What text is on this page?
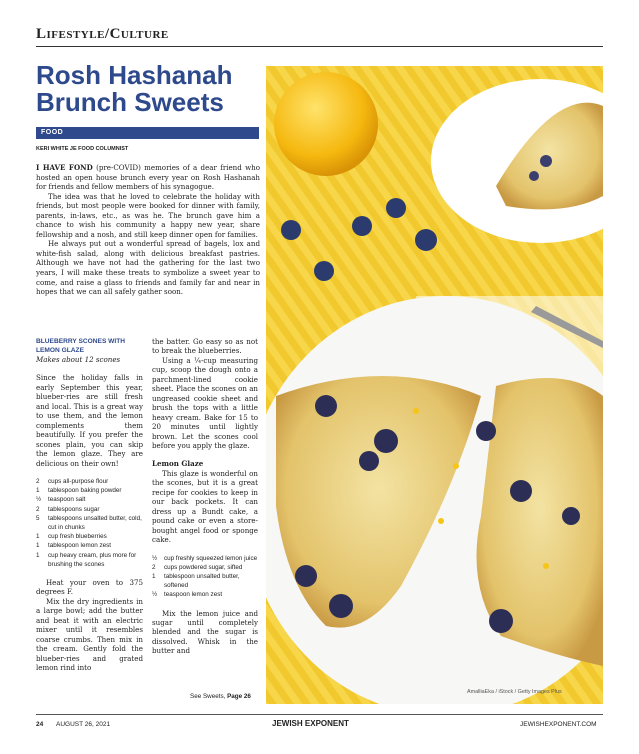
Lifestyle/Culture
Rosh Hashanah Brunch Sweets
FOOD
KERI WHITE JE FOOD COLUMNIST

I HAVE FOND (pre-COVID) memories of a dear friend who hosted an open house brunch every year on Rosh Hashanah for friends and fellow members of his synagogue.

The idea was that he loved to celebrate the holiday with friends, but most people were booked for dinner with family, parents, in-laws, etc., as was he. The brunch gave him a chance to wish his community a happy new year, share fellowship and a nosh, and still keep dinner open for families.

He always put out a wonderful spread of bagels, lox and white-fish salad, along with delicious breakfast pastries. Although we have not had the gathering for the last two years, I will make these treats to symbolize a sweet year to come, and raise a glass to friends and family far and near in hopes that we can all safely gather soon.

BLUEBERRY SCONES WITH LEMON GLAZE
Makes about 12 scones

Since the holiday falls in early September this year, blueber-ries are still fresh and local. This is a great way to use them, and the lemon complements them beautifully. If you prefer the scones plain, you can skip the lemon glaze. They are delicious on their own!

2	cups all-purpose flour
1	tablespoon baking powder
½	teaspoon salt
2	tablespoons sugar
5	tablespoons unsalted butter, cold, cut in chunks
1	cup fresh blueberries
1	tablespoon lemon zest
1	cup heavy cream, plus more for brushing the scones

Heat your oven to 375 degrees F.

Mix the dry ingredients in a large bowl; add the butter and beat it with an electric mixer until it resembles coarse crumbs. Then mix in the cream. Gently fold the blueber-ries and grated lemon rind into

the batter. Go easy so as not to break the blueberries.

Using a ¼-cup measuring cup, scoop the dough onto a parchment-lined cookie sheet. Place the scones on an ungreased cookie sheet and brush the tops with a little heavy cream. Bake for 15 to 20 minutes until lightly brown. Let the scones cool before you apply the glaze.

Lemon Glaze

This glaze is wonderful on the scones, but it is a great recipe for cookies to keep in our back pockets. It can dress up a Bundt cake, a pound cake or even a store-bought angel food or sponge cake.

½	cup freshly squeezed lemon juice
2	cups powdered sugar, sifted
1	tablespoon unsalted butter, softened
½	teaspoon lemon zest

Mix the lemon juice and sugar until completely blended and the sugar is dissolved. Whisk in the butter and

See Sweets, Page 26
AmalliaEka / iStock / Getty Images Plus
24 AUGUST 26, 2021	JEWISH EXPONENT	JEWISHEXPONENT.COM
